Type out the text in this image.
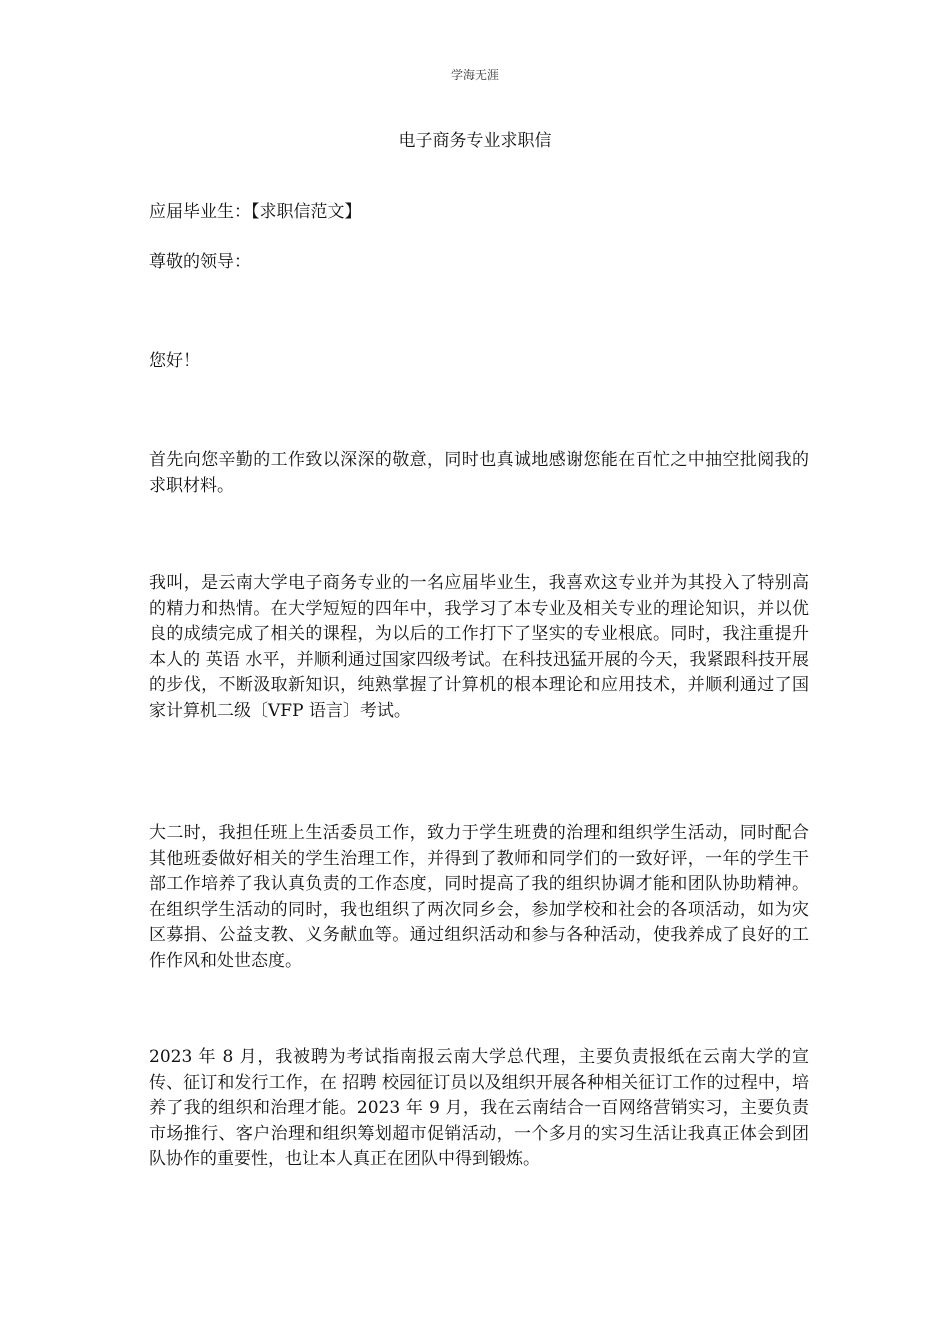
学海无涯
电子商务专业求职信
应届毕业生：【求职信范文】
尊敬的领导：
您好！
首先向您辛勤的工作致以深深的敬意，同时也真诚地感谢您能在百忙之中抽空批阅我的求职材料。
我叫，是云南大学电子商务专业的一名应届毕业生，我喜欢这专业并为其投入了特别高的精力和热情。在大学短短的四年中，我学习了本专业及相关专业的理论知识，并以优良的成绩完成了相关的课程，为以后的工作打下了坚实的专业根底。同时，我注重提升本人的 英语 水平，并顺利通过国家四级考试。在科技迅猛开展的今天，我紧跟科技开展的步伐，不断汲取新知识，纯熟掌握了计算机的根本理论和应用技术，并顺利通过了国家计算机二级〔VFP 语言〕考试。
大二时，我担任班上生活委员工作，致力于学生班费的治理和组织学生活动，同时配合其他班委做好相关的学生治理工作，并得到了教师和同学们的一致好评，一年的学生干部工作培养了我认真负责的工作态度，同时提高了我的组织协调才能和团队协助精神。在组织学生活动的同时，我也组织了两次同乡会，参加学校和社会的各项活动，如为灾区募捐、公益支教、义务献血等。通过组织活动和参与各种活动，使我养成了良好的工作作风和处世态度。
2023 年 8 月，我被聘为考试指南报云南大学总代理，主要负责报纸在云南大学的宣传、征订和发行工作，在 招聘 校园征订员以及组织开展各种相关征订工作的过程中，培养了我的组织和治理才能。2023 年 9 月，我在云南结合一百网络营销实习，主要负责市场推行、客户治理和组织筹划超市促销活动，一个多月的实习生活让我真正体会到团队协作的重要性，也让本人真正在团队中得到锻炼。
